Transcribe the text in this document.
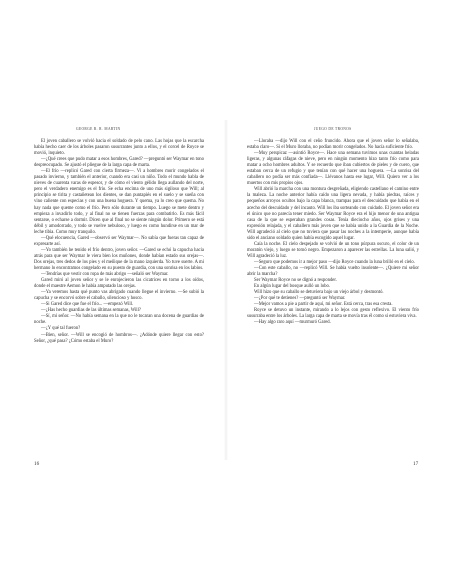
GEORGE R. R. MARTIN

El joven caballero se volvió hacia el soldado de pelo cano. Las hojas que la escarcha había hecho caer de los árboles pasaron susurrantes junto a ellos, y el corcel de Royce se movió, inquieto.

—¿Qué crees que pudo matar a esos hombres, Gared? —preguntó ser Waymar en tono despreocupado. Se ajustó el pliegue de la larga capa de marta.

—El frío —replicó Gared con cierta firmeza—. Vi a hombres morir congelados el pasado invierno, y también el anterior, cuando era casi un niño. Todo el mundo habla de nieves de cuarenta varas de espesor, y de cómo el viento gélido llega aullando del norte, pero el verdadero enemigo es el frío. Se echa encima de uno más sigiloso que Will; al principio se tirita y castañetean los dientes, se dan puntapiés en el suelo y se sueña con vino caliente con especias y con una buena hoguera. Y quema, ya lo creo que quema. No hay nada que queme como el frío. Pero sólo durante un tiempo. Luego se mete dentro y empieza a invadirlo todo, y al final no se tienen fuerzas para combatirlo. Es más fácil sentarse, o echarse a dormir. Dicen que al final no se siente ningún dolor. Primero se está débil y amodorrado, y todo se vuelve nebuloso, y luego es como hundirse en un mar de leche tibia. Como muy tranquilo.

—Qué elocuencia, Gared —observó ser Waymar—. No sabía que fueras tan capaz de expresarte así.

—Yo también he tenido el frío dentro, joven señor. —Gared se echó la capucha hacia atrás para que ser Waymar le viera bien los muñones, donde habían estado sus orejas—. Dos orejas, tres dedos de los pies y el meñique de la mano izquierda. Yo tuve suerte. A mi hermano lo encontramos congelado en su puesto de guardia, con una sonrisa en los labios.

—Tendrías que vestir con ropa de más abrigo —señaló ser Waymar.

Gared miró al joven señor y se le enrojecieron las cicatrices en torno a los oídos, donde el maestre Aemon le había amputado las orejas.

—Ya veremos hasta qué punto vas abrigado cuando llegue el invierno. —Se subió la capucha y se encorvó sobre el caballo, silencioso y hosco.

—Si Gared dice que fue el frío... —empezó Will.

—¿Has hecho guardias de las últimas semanas, Will?

—Sí, mi señor. —No había semana en la que no le tocaran una docena de guardias de noche.

—¿Y qué tal fueron?

—Bien, señor. —Will se encogió de hombros—. ¿Adónde quiere llegar con esto? Señor, ¿qué pasa? ¿Cómo estaba el Muro?

16
JUEGO DE TRONOS

—Lloraba —dijo Will con el ceño fruncido. Ahora que el joven señor lo señalaba, estaba claro—. Si el Muro lloraba, no podían morir congelados. No hacía suficiente frío.

—Muy perspicaz —asintió Royce—. Hace una semana tuvimos unas cuantas heladas ligeras, y algunas ráfagas de nieve, pero en ningún momento hizo tanto frío como para matar a ocho hombres adultos. Y se recuerdo que iban cubiertos de pieles y de cuero, que estaban cerca de un refugio y que tenían con qué hacer una hoguera. —La sonrisa del caballero no podía ser más confiada—. Llévanos hasta ese lugar, Will. Quiero ver a los muertos con mis propios ojos.

Will abrió la marcha con una montura desgreñada, eligiendo castellano el camino entre la maleza. La noche anterior había caído una ligera nevada, y había piedras, raíces y pequeños arroyos ocultos bajo la capa blanca, trampas para el descuidado que había en el acecho del descuidado y del incauto. Will los iba sorteando con cuidado. El joven señor era el único que no parecía tener miedo. Ser Waymar Royce era el hijo menor de una antigua casa de la que se esperaban grandes cosas. Tenía dieciocho años, ojos grises y una expresión relajada, y el caballero más joven que se había unido a la Guardia de la Noche. Will agradeció al cielo que no tuviera que pasar las noches a la intemperie, aunque había sido el anciano soldado quien había escogido aquel lugar.

Caía la noche. El cielo despejado se volvió de un tono púrpura oscuro, el color de un moratón viejo, y luego se tornó negro. Empezaron a aparecer las estrellas. La luna salió, y Will agradeció la luz.

—Seguro que podemos ir a mejor paso —dijo Royce cuando la luna brilló en el cielo.

—Con este caballo, no —replicó Will. Se había vuelto insolente—. ¿Quiere mi señor abrir la marcha?

Ser Waymar Royce no se dignó a responder.

En algún lugar del bosque aulló un lobo.

Will hizo que su caballo se detuviera bajo un viejo árbol y desmontó.

—¿Por qué te detienes? —preguntó ser Waymar.

—Mejor vamos a pie a partir de aquí, mi señor. Está cerca, tras esa cresta.

Royce se detuvo un instante, mirando a lo lejos con gesto reflexivo. El viento frío susurraba entre los árboles. La larga capa de marta se movía tras él como si estuviera viva.

—Hay algo raro aquí —murmuró Gared.

17
